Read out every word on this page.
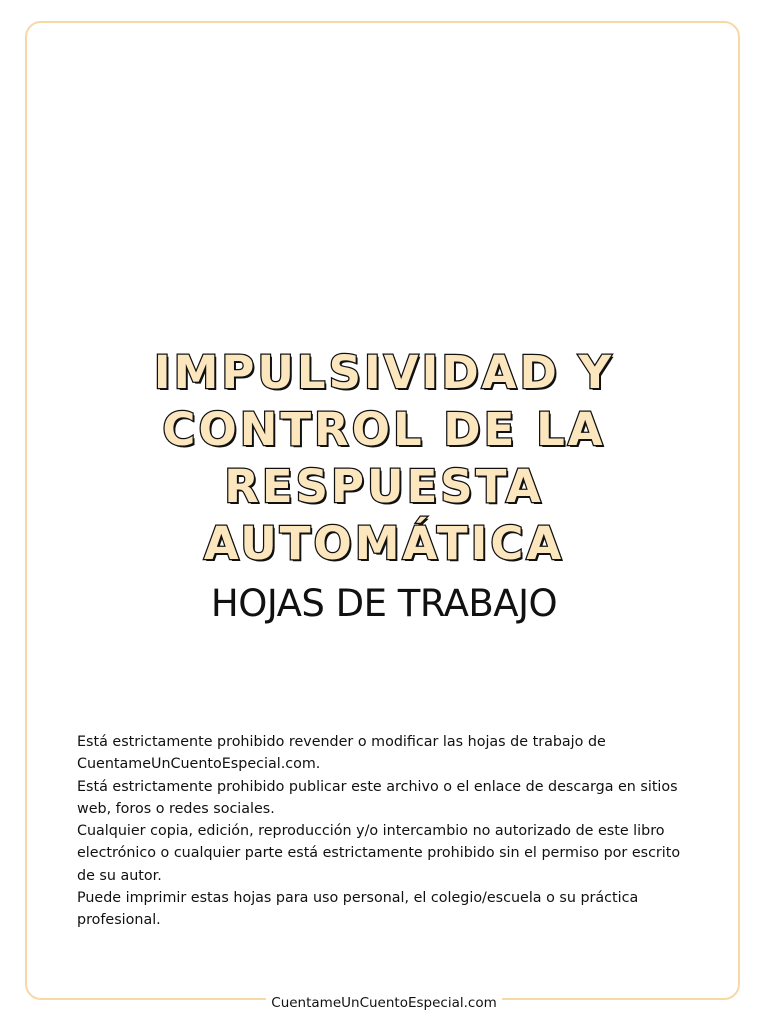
IMPULSIVIDAD Y
CONTROL DE LA
RESPUESTA
AUTOMÁTICA
HOJAS DE TRABAJO

Está estrictamente prohibido revender o modificar las hojas de trabajo de CuentameUnCuentoEspecial.com.

Está estrictamente prohibido publicar este archivo o el enlace de descarga en sitios web, foros o redes sociales.

Cualquier copia, edición, reproducción y/o intercambio no autorizado de este libro electrónico o cualquier parte está estrictamente prohibido sin el permiso por escrito de su autor.

Puede imprimir estas hojas para uso personal, el colegio/escuela o su práctica profesional.

CuentameUnCuentoEspecial.com
